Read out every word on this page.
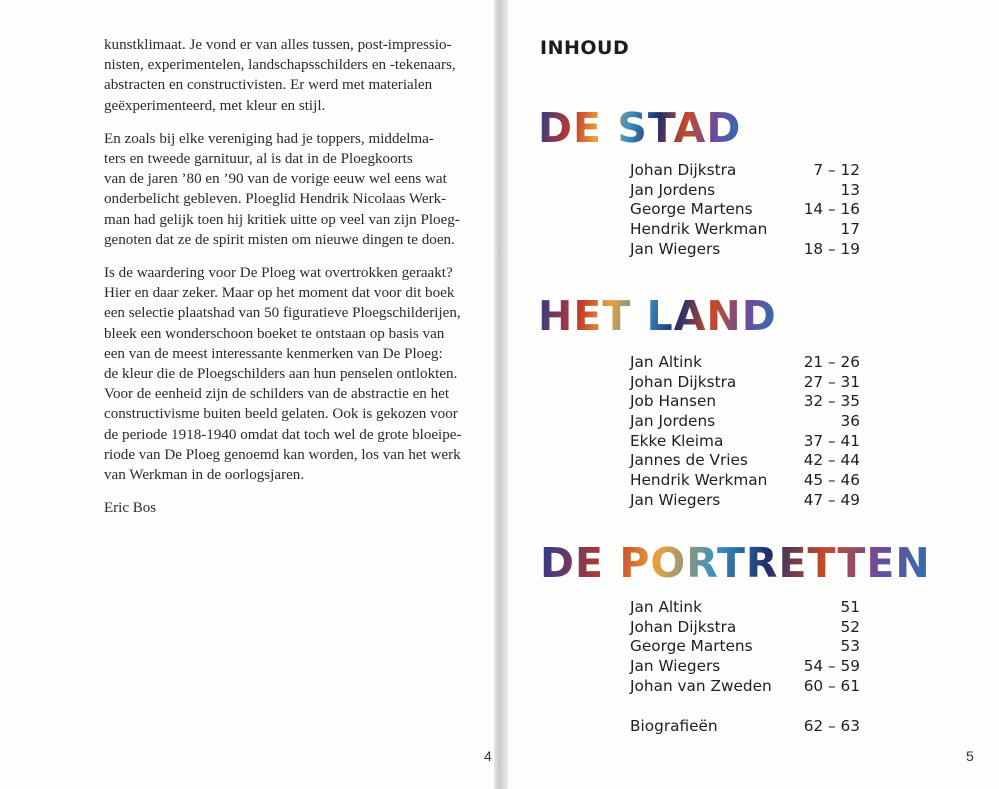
kunstklimaat. Je vond er van alles tussen, post-impressio-
nisten, experimentelen, landschapsschilders en -tekenaars,
abstracten en constructivisten. Er werd met materialen
geëxperimenteerd, met kleur en stijl.

En zoals bij elke vereniging had je toppers, middelma-
ters en tweede garnituur, al is dat in de Ploegkoorts
van de jaren ’80 en ’90 van de vorige eeuw wel eens wat
onderbelicht gebleven. Ploeglid Hendrik Nicolaas Werk-
man had gelijk toen hij kritiek uitte op veel van zijn Ploeg-
genoten dat ze de spirit misten om nieuwe dingen te doen.

Is de waardering voor De Ploeg wat overtrokken geraakt?
Hier en daar zeker. Maar op het moment dat voor dit boek
een selectie plaatshad van 50 figuratieve Ploegschilderijen,
bleek een wonderschoon boeket te ontstaan op basis van
een van de meest interessante kenmerken van De Ploeg:
de kleur die de Ploegschilders aan hun penselen ontlokten.
Voor de eenheid zijn de schilders van de abstractie en het
constructivisme buiten beeld gelaten. Ook is gekozen voor
de periode 1918-1940 omdat dat toch wel de grote bloeipe-
riode van De Ploeg genoemd kan worden, los van het werk
van Werkman in de oorlogsjaren.

Eric Bos
4
INHOUD
DE STAD
Johan Dijkstra	7 – 12
Jan Jordens	13
George Martens	14 – 16
Hendrik Werkman	17
Jan Wiegers	18 – 19
HET LAND
Jan Altink	21 – 26
Johan Dijkstra	27 – 31
Job Hansen	32 – 35
Jan Jordens	36
Ekke Kleima	37 – 41
Jannes de Vries	42 – 44
Hendrik Werkman 45 – 46
Jan Wiegers	47 – 49
DE PORTRETTEN
Jan Altink	51
Johan Dijkstra	52
George Martens	53
Jan Wiegers	54 – 59
Johan van Zweden 60 – 61
Biografieën	62 – 63
5
